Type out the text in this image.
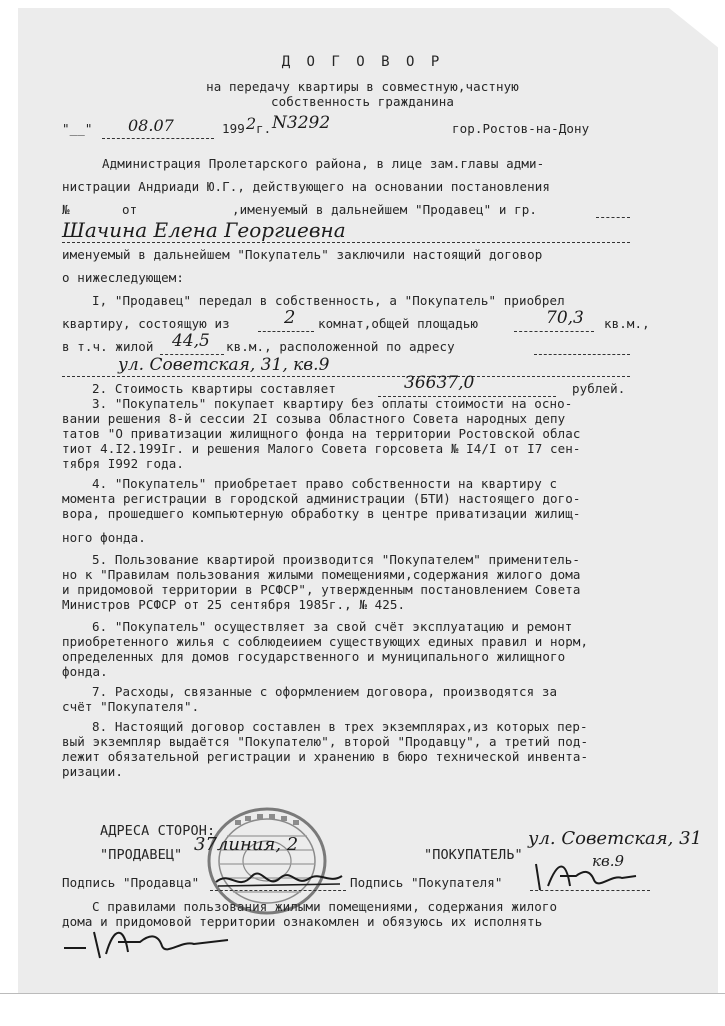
Д О Г О В О Р
на передачу квартиры в совместную,частную
собственность гражданина
"__" 08.07	199 2 г. N3292	гор.Ростов-на-Дону
Администрация Пролетарского района, в лице зам.главы адми-
нистрации Андриади Ю.Г., действующего на основании постановления
№	от	,именуемый в дальнейшем "Продавец" и гр.
Шачина Елена Георгиевна
именуемый в дальнейшем "Покупатель" заключили настоящий договор
о нижеследующем:
I, "Продавец" передал в собственность, а "Покупатель" приобрел
квартиру, состоящую из	2 комнат,общей площадью	70,3 кв.м.,
в т.ч. жилой 44,5 кв.м., расположенной по адресу
ул. Советская, 31, кв.9
2. Стоимость квартиры составляет	36637,0	рублей.
3. "Покупатель" покупает квартиру без оплаты стоимости на осно-
вании решения 8-й сессии 2I созыва Областного Совета народных депу
татов "О приватизации жилищного фонда на территории Ростовской облас
тиот 4.I2.199Iг. и решения Малого Совета горсовета № I4/I от I7 сен-
тября I992 года.
4. "Покупатель" приобретает право собственности на квартиру с
момента регистрации в городской администрации (БТИ) настоящего дого-
вора, прошедшего компьютерную обработку в центре приватизации жилищ-
ного фонда.
5. Пользование квартирой производится "Покупателем" применитель-
но к "Правилам пользования жилыми помещениями,содержания жилого дома
и придомовой территории в РСФСР", утвержденным постановлением Совета
Министров РСФСР от 25 сентября 1985г., № 425.
6. "Покупатель" осуществляет за свой счёт эксплуатацию и ремонт
приобретенного жилья с соблюдеиием существующих единых правил и норм,
определенных для домов государственного и муниципального жилищного
фонда.
7. Расходы, связанные с оформлением договора, производятся за
счёт "Покупателя".
8. Настоящий договор составлен в трех экземплярах,из которых пер-
вый экземпляр выдаётся "Покупателю", второй "Продавцу", а третий под-
лежит обязательной регистрации и хранению в бюро технической инвента-
ризации.
АДРЕСА СТОРОН:
"ПРОДАВЕЦ" 37линия, 2	"ПОКУПАТЕЛЬ"
ул. Советская, 31
кв.9
Подпись "Продавца"	Подпись "Покупателя"
С правилами пользования жилыми помещениями, содержания жилого
дома и придомовой территории ознакомлен и обязуюсь их исполнять
